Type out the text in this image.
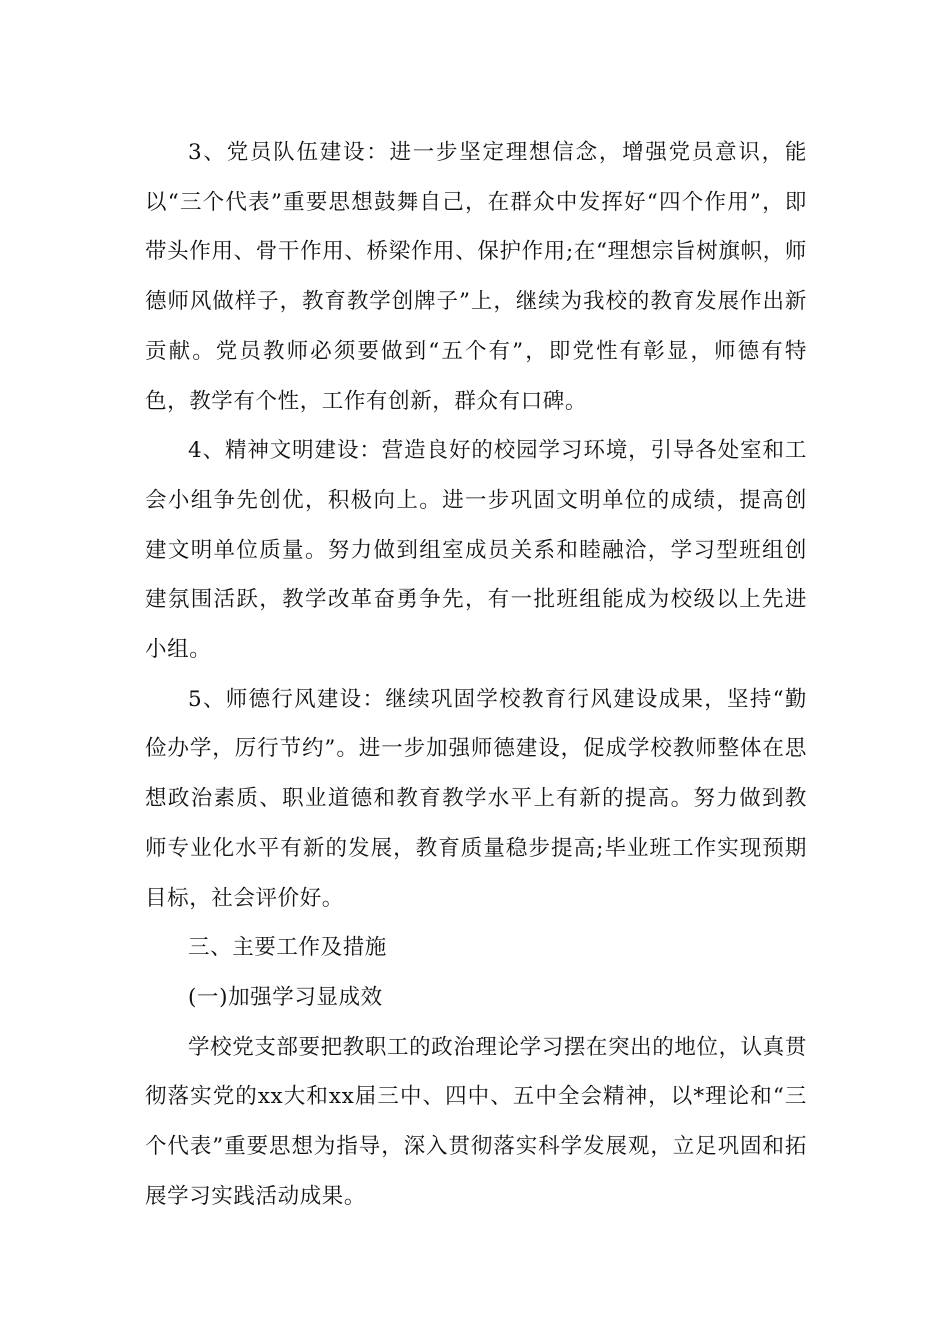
3、党员队伍建设：进一步坚定理想信念，增强党员意识，能以“三个代表”重要思想鼓舞自己，在群众中发挥好“四个作用”，即带头作用、骨干作用、桥梁作用、保护作用;在“理想宗旨树旗帜，师德师风做样子，教育教学创牌子”上，继续为我校的教育发展作出新贡献。党员教师必须要做到“五个有”，即党性有彰显，师德有特色，教学有个性，工作有创新，群众有口碑。

4、精神文明建设：营造良好的校园学习环境，引导各处室和工会小组争先创优，积极向上。进一步巩固文明单位的成绩，提高创建文明单位质量。努力做到组室成员关系和睦融洽，学习型班组创建氛围活跃，教学改革奋勇争先，有一批班组能成为校级以上先进小组。

5、师德行风建设：继续巩固学校教育行风建设成果，坚持“勤俭办学，厉行节约”。进一步加强师德建设，促成学校教师整体在思想政治素质、职业道德和教育教学水平上有新的提高。努力做到教师专业化水平有新的发展，教育质量稳步提高;毕业班工作实现预期目标，社会评价好。

三、主要工作及措施

(一)加强学习显成效

学校党支部要把教职工的政治理论学习摆在突出的地位，认真贯彻落实党的xx大和xx届三中、四中、五中全会精神，以*理论和“三个代表”重要思想为指导，深入贯彻落实科学发展观，立足巩固和拓展学习实践活动成果。
